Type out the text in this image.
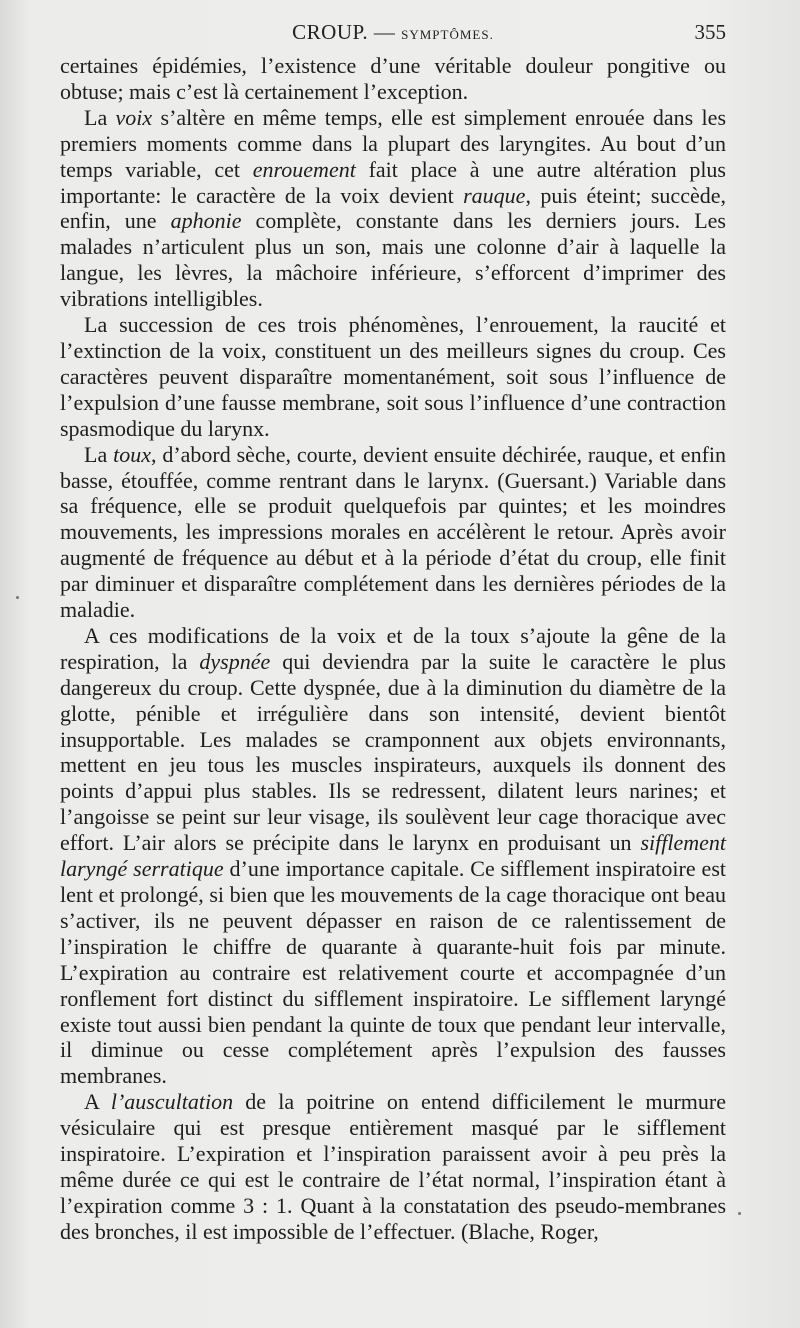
CROUP. — SYMPTÔMES.	355

certaines épidémies, l’existence d’une véritable douleur pongitive ou obtuse; mais c’est là certainement l’exception.

La voix s’altère en même temps, elle est simplement enrouée dans les premiers moments comme dans la plupart des laryngites. Au bout d’un temps variable, cet enrouement fait place à une autre altération plus importante: le caractère de la voix devient rauque, puis éteint; succède, enfin, une aphonie complète, constante dans les derniers jours. Les malades n’articulent plus un son, mais une colonne d’air à laquelle la langue, les lèvres, la mâchoire inférieure, s’efforcent d’imprimer des vibrations intelligibles.

La succession de ces trois phénomènes, l’enrouement, la raucité et l’extinction de la voix, constituent un des meilleurs signes du croup. Ces caractères peuvent disparaître momentanément, soit sous l’influence de l’expulsion d’une fausse membrane, soit sous l’influence d’une contraction spasmodique du larynx.

La toux, d’abord sèche, courte, devient ensuite déchirée, rauque, et enfin basse, étouffée, comme rentrant dans le larynx. (Guersant.) Variable dans sa fréquence, elle se produit quelquefois par quintes; et les moindres mouvements, les impressions morales en accélèrent le retour. Après avoir augmenté de fréquence au début et à la période d’état du croup, elle finit par diminuer et disparaître complétement dans les dernières périodes de la maladie.

A ces modifications de la voix et de la toux s’ajoute la gêne de la respiration, la dyspnée qui deviendra par la suite le caractère le plus dangereux du croup. Cette dyspnée, due à la diminution du diamètre de la glotte, pénible et irrégulière dans son intensité, devient bientôt insupportable. Les malades se cramponnent aux objets environnants, mettent en jeu tous les muscles inspirateurs, auxquels ils donnent des points d’appui plus stables. Ils se redressent, dilatent leurs narines; et l’angoisse se peint sur leur visage, ils soulèvent leur cage thoracique avec effort. L’air alors se précipite dans le larynx en produisant un sifflement laryngé serratique d’une importance capitale. Ce sifflement inspiratoire est lent et prolongé, si bien que les mouvements de la cage thoracique ont beau s’activer, ils ne peuvent dépasser en raison de ce ralentissement de l’inspiration le chiffre de quarante à quarante-huit fois par minute. L’expiration au contraire est relativement courte et accompagnée d’un ronflement fort distinct du sifflement inspiratoire. Le sifflement laryngé existe tout aussi bien pendant la quinte de toux que pendant leur intervalle, il diminue ou cesse complétement après l’expulsion des fausses membranes.

A l’auscultation de la poitrine on entend difficilement le murmure vésiculaire qui est presque entièrement masqué par le sifflement inspiratoire. L’expiration et l’inspiration paraissent avoir à peu près la même durée ce qui est le contraire de l’état normal, l’inspiration étant à l’expiration comme 3 : 1. Quant à la constatation des pseudo-membranes des bronches, il est impossible de l’effectuer. (Blache, Roger,
